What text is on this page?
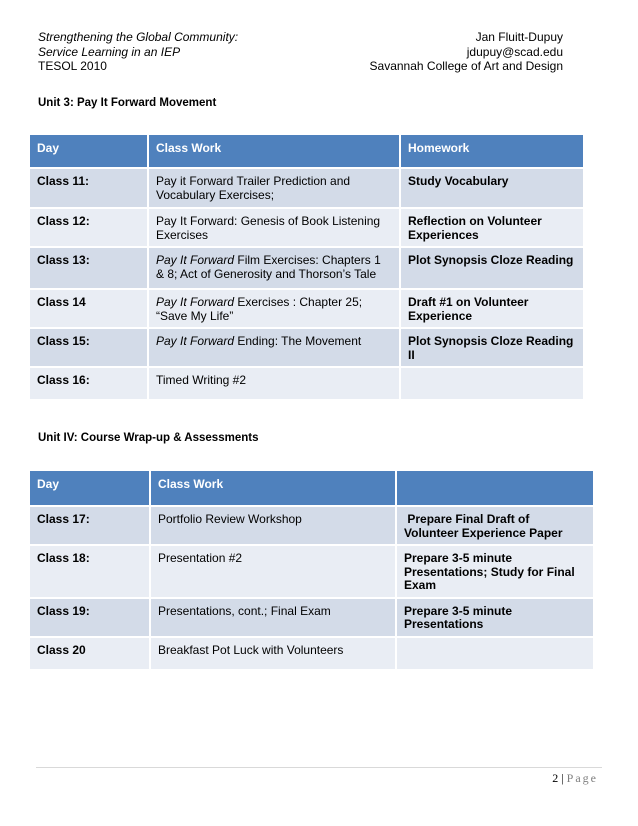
Strengthening the Global Community:
Service Learning in an IEP
TESOL 2010
Jan Fluitt-Dupuy
jdupuy@scad.edu
Savannah College of Art and Design
Unit 3: Pay It Forward Movement
Day	Class Work	Homework
Class 11:	Pay it Forward Trailer Prediction and Vocabulary Exercises;	Study Vocabulary
Class 12:	Pay It Forward: Genesis of Book Listening Exercises	Reflection on Volunteer Experiences
Class 13:	Pay It Forward Film Exercises: Chapters 1 & 8; Act of Generosity and Thorson’s Tale	Plot Synopsis Cloze Reading
Class 14	Pay It Forward Exercises : Chapter 25; “Save My Life”	Draft #1 on Volunteer Experience
Class 15:	Pay It Forward Ending: The Movement	Plot Synopsis Cloze Reading II
Class 16:	Timed Writing #2	
Unit IV: Course Wrap-up & Assessments
Day	Class Work	
Class 17:	Portfolio Review Workshop	Prepare Final Draft of Volunteer Experience Paper
Class 18:	Presentation #2	Prepare 3-5 minute Presentations; Study for Final Exam
Class 19:	Presentations, cont.; Final Exam	Prepare 3-5 minute Presentations
Class 20	Breakfast Pot Luck with Volunteers	
2 | Page
